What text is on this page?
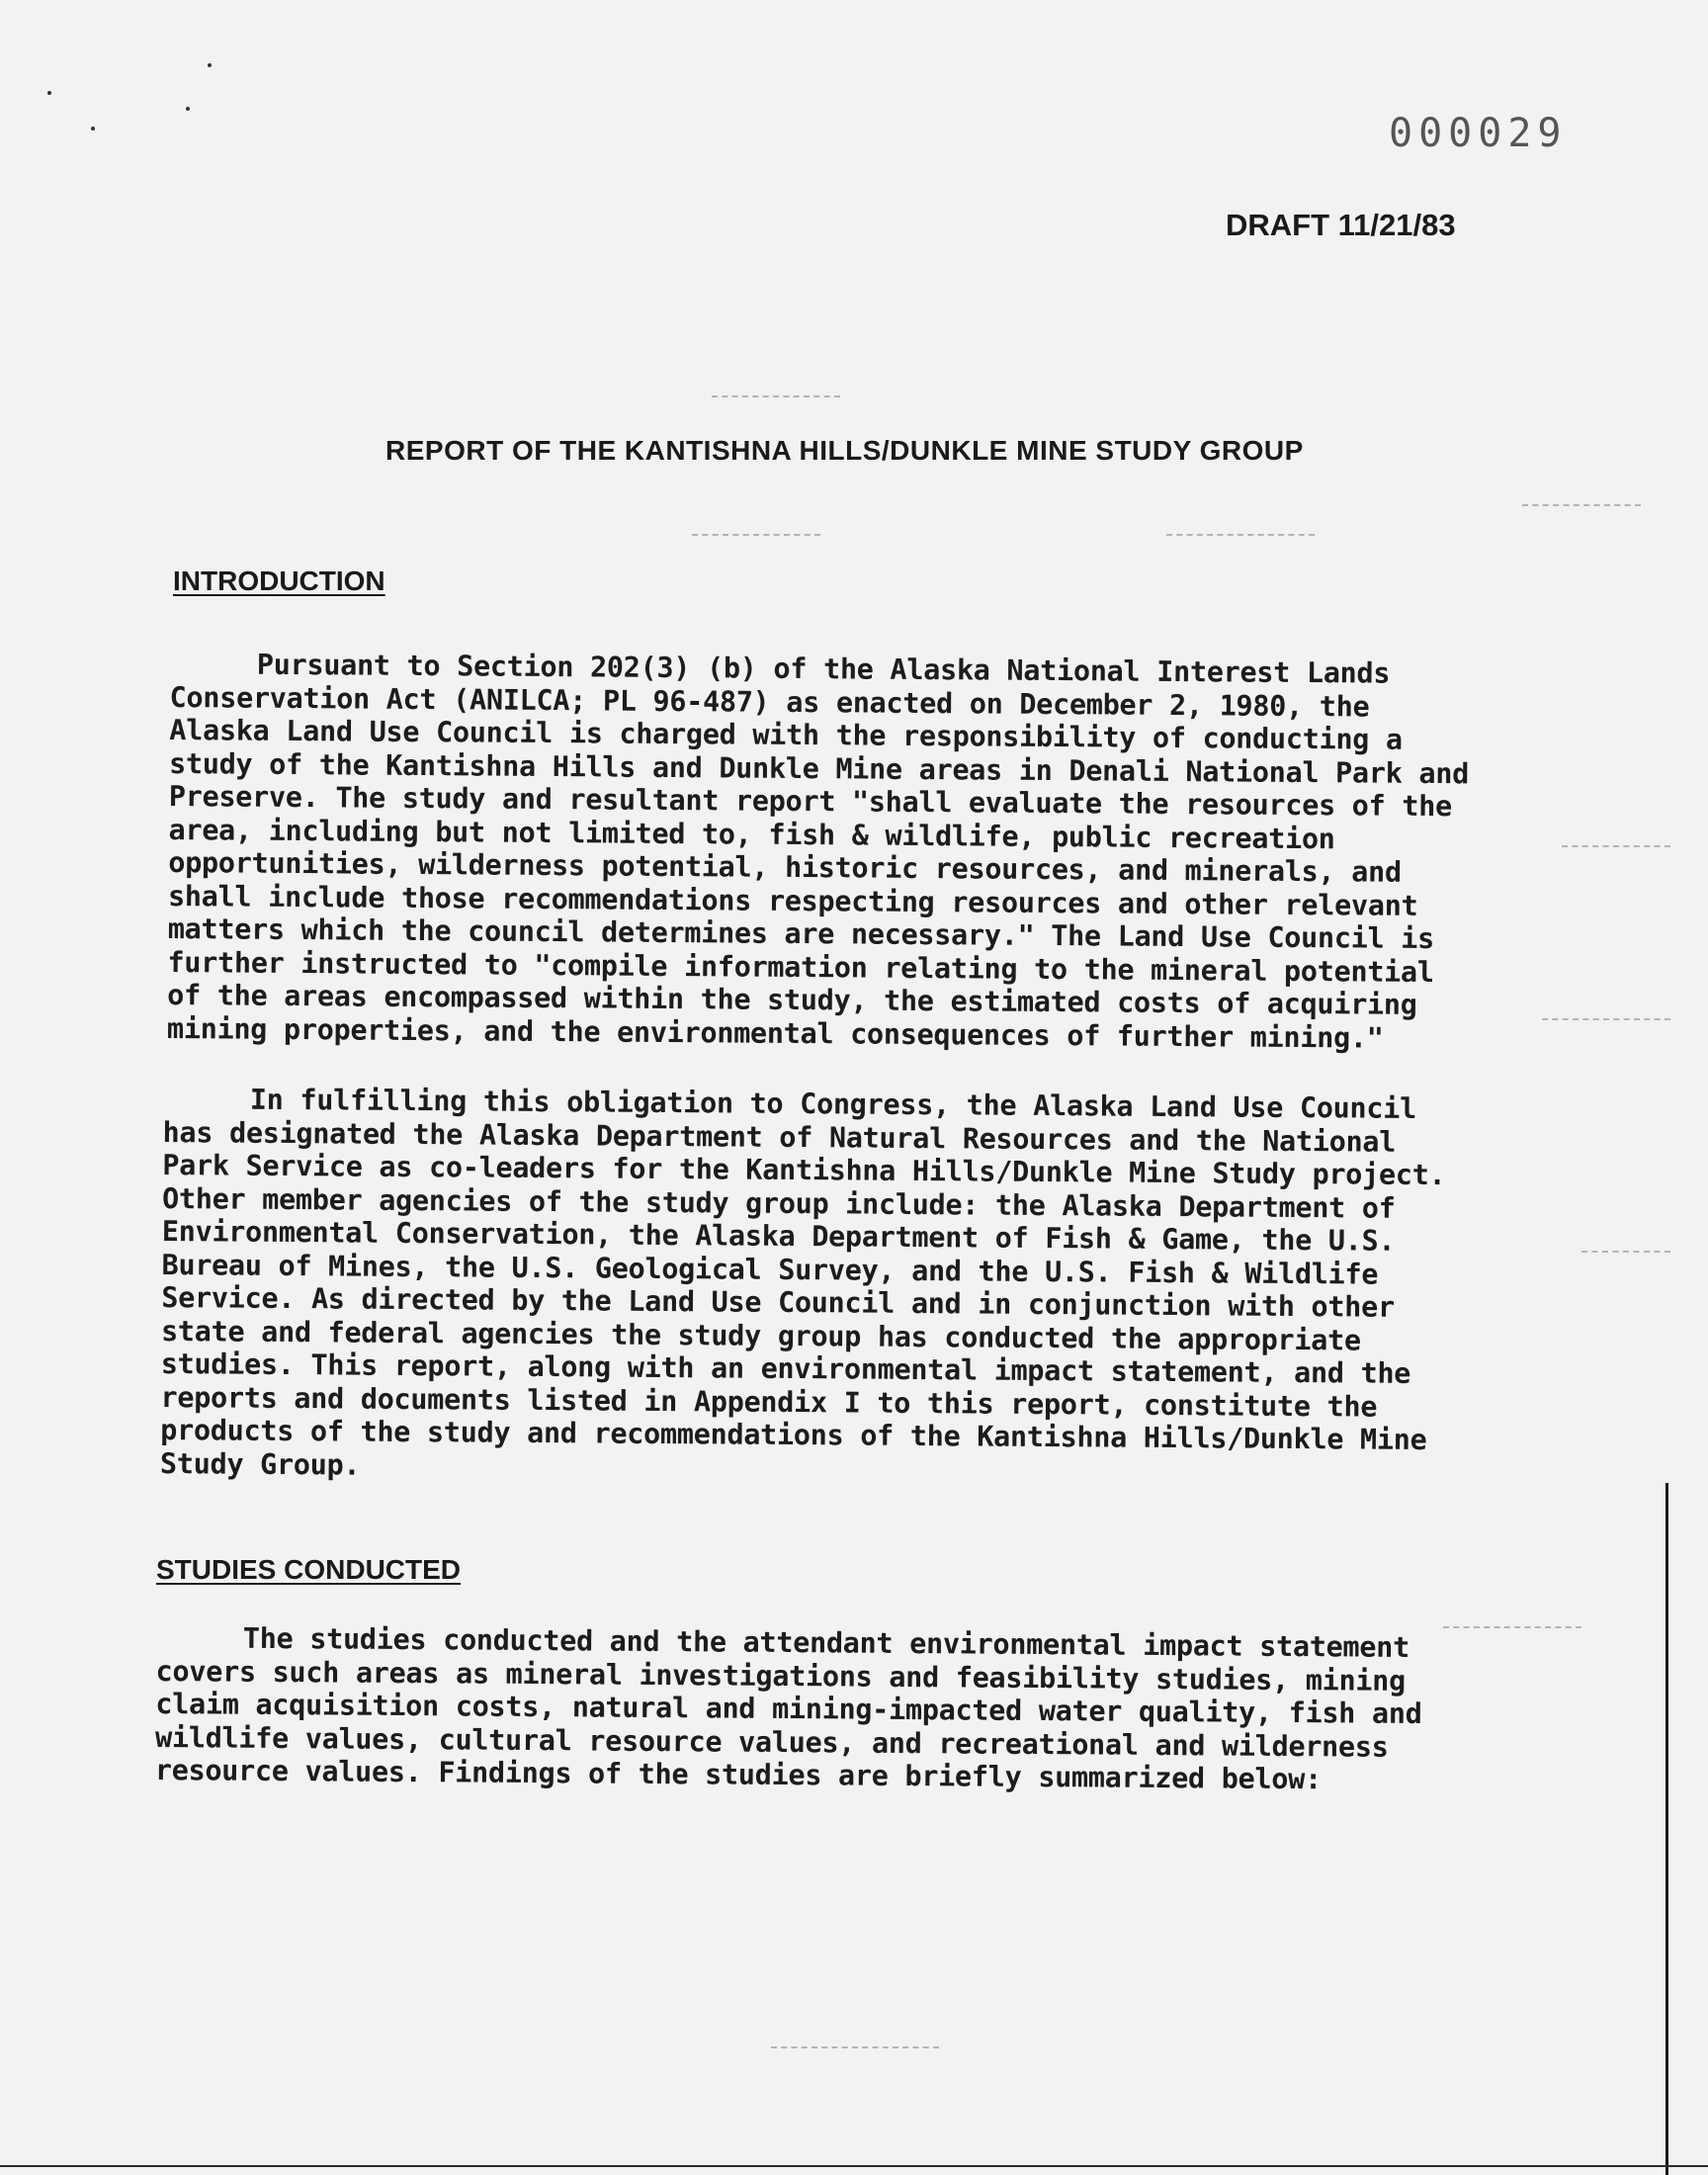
000029
DRAFT 11/21/83
REPORT OF THE KANTISHNA HILLS/DUNKLE MINE STUDY GROUP
INTRODUCTION
Pursuant to Section 202(3) (b) of the Alaska National Interest Lands
Conservation Act (ANILCA; PL 96-487) as enacted on December 2, 1980, the
Alaska Land Use Council is charged with the responsibility of conducting a
study of the Kantishna Hills and Dunkle Mine areas in Denali National Park and
Preserve. The study and resultant report "shall evaluate the resources of the
area, including but not limited to, fish & wildlife, public recreation
opportunities, wilderness potential, historic resources, and minerals, and
shall include those recommendations respecting resources and other relevant
matters which the council determines are necessary." The Land Use Council is
further instructed to "compile information relating to the mineral potential
of the areas encompassed within the study, the estimated costs of acquiring
mining properties, and the environmental consequences of further mining."
In fulfilling this obligation to Congress, the Alaska Land Use Council
has designated the Alaska Department of Natural Resources and the National
Park Service as co-leaders for the Kantishna Hills/Dunkle Mine Study project.
Other member agencies of the study group include: the Alaska Department of
Environmental Conservation, the Alaska Department of Fish & Game, the U.S.
Bureau of Mines, the U.S. Geological Survey, and the U.S. Fish & Wildlife
Service. As directed by the Land Use Council and in conjunction with other
state and federal agencies the study group has conducted the appropriate
studies. This report, along with an environmental impact statement, and the
reports and documents listed in Appendix I to this report, constitute the
products of the study and recommendations of the Kantishna Hills/Dunkle Mine
Study Group.
STUDIES CONDUCTED
The studies conducted and the attendant environmental impact statement
covers such areas as mineral investigations and feasibility studies, mining
claim acquisition costs, natural and mining-impacted water quality, fish and
wildlife values, cultural resource values, and recreational and wilderness
resource values. Findings of the studies are briefly summarized below:
